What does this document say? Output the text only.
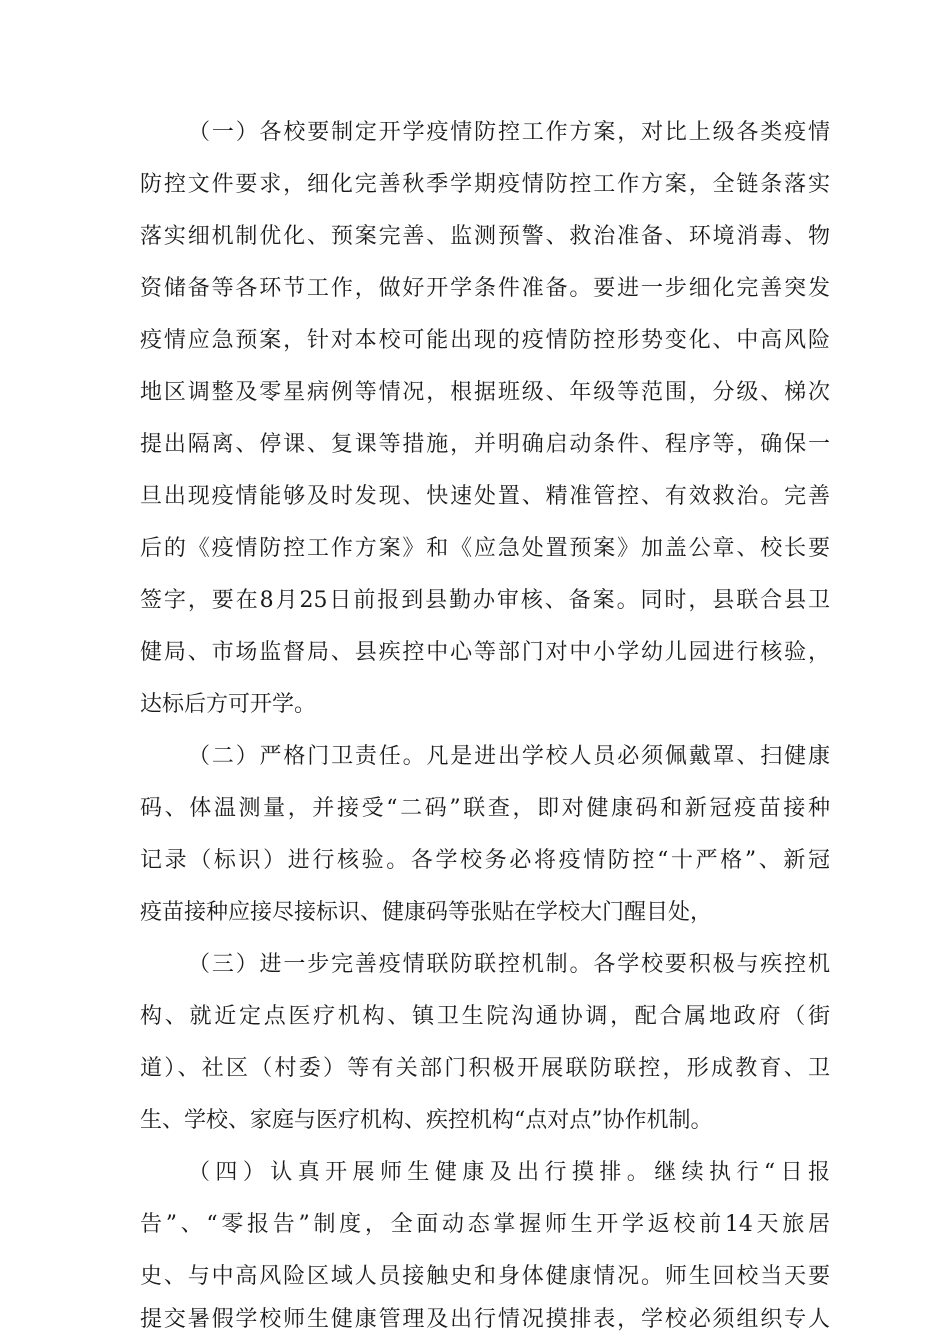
（一）各校要制定开学疫情防控工作方案，对比上级各类疫情
防控文件要求，细化完善秋季学期疫情防控工作方案，全链条落实
落实细机制优化、预案完善、监测预警、救治准备、环境消毒、物
资储备等各环节工作，做好开学条件准备。要进一步细化完善突发
疫情应急预案，针对本校可能出现的疫情防控形势变化、中高风险
地区调整及零星病例等情况，根据班级、年级等范围，分级、梯次
提出隔离、停课、复课等措施，并明确启动条件、程序等，确保一
旦出现疫情能够及时发现、快速处置、精准管控、有效救治。完善
后的《疫情防控工作方案》和《应急处置预案》加盖公章、校长要
签字，要在8月25日前报到县勤办审核、备案。同时，县联合县卫
健局、市场监督局、县疾控中心等部门对中小学幼儿园进行核验，
达标后方可开学。
（二）严格门卫责任。凡是进出学校人员必须佩戴罩、扫健康
码、体温测量，并接受“二码”联查，即对健康码和新冠疫苗接种
记录（标识）进行核验。各学校务必将疫情防控“十严格”、新冠
疫苗接种应接尽接标识、健康码等张贴在学校大门醒目处，
（三）进一步完善疫情联防联控机制。各学校要积极与疾控机
构、就近定点医疗机构、镇卫生院沟通协调，配合属地政府（街
道）、社区（村委）等有关部门积极开展联防联控，形成教育、卫
生、学校、家庭与医疗机构、疾控机构“点对点”协作机制。
（四）认真开展师生健康及出行摸排。继续执行“日报
告”、“零报告”制度，全面动态掌握师生开学返校前14天旅居
史、与中高风险区域人员接触史和身体健康情况。师生回校当天要
提交暑假学校师生健康管理及出行情况摸排表，学校必须组织专人
